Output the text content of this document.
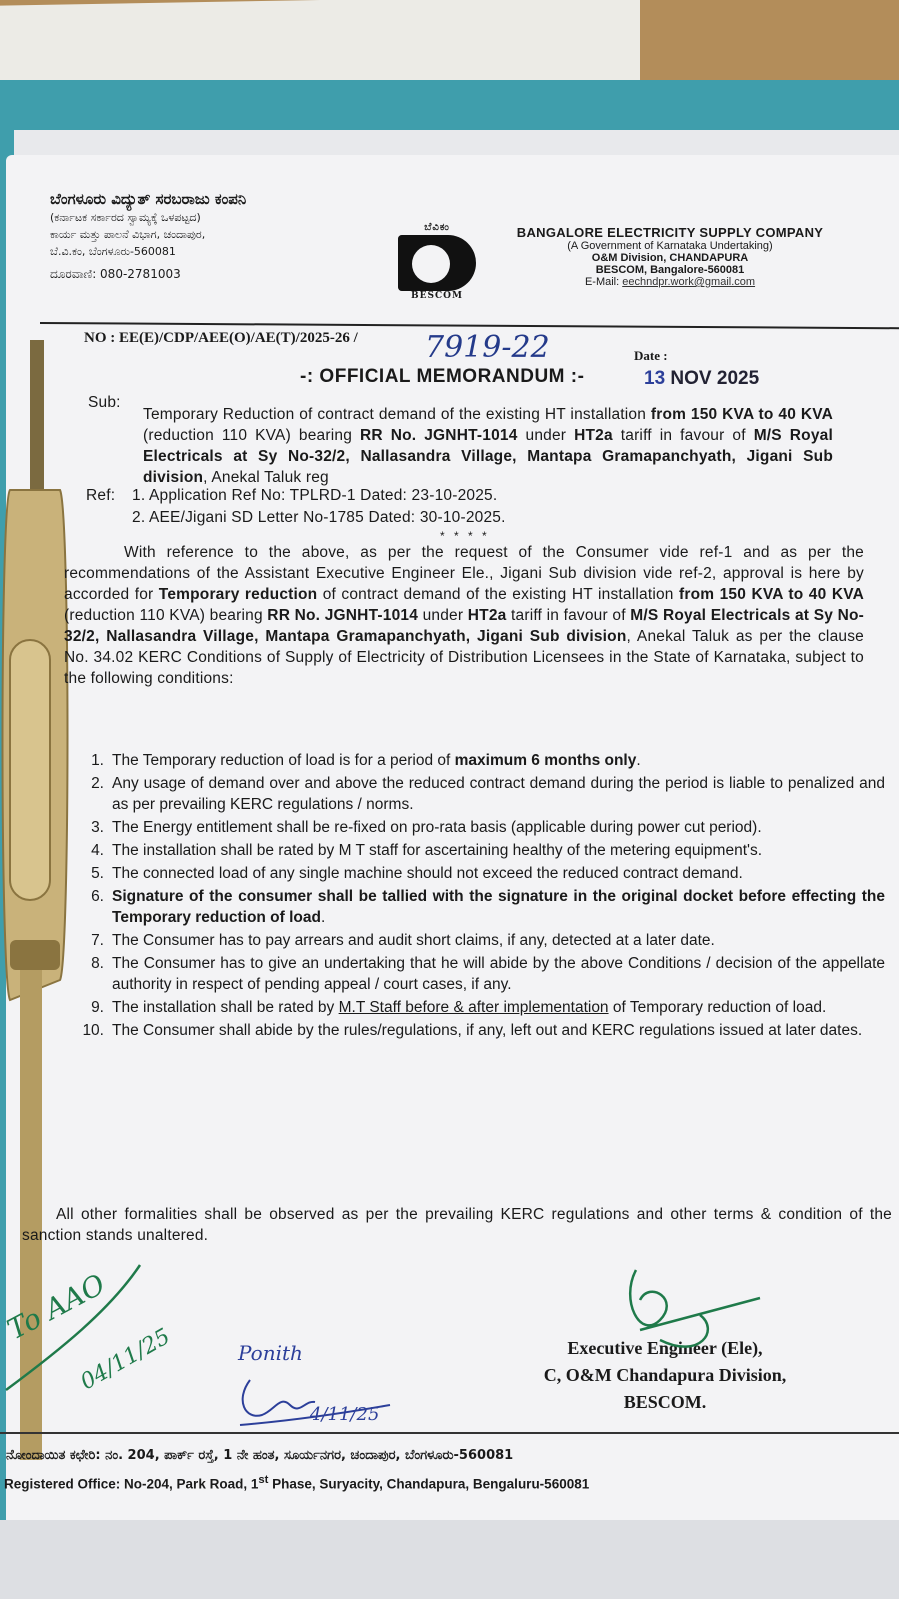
ಬೆಂಗಳೂರು ವಿದ್ಯುತ್ ಸರಬರಾಜು ಕಂಪನಿ
(ಕರ್ನಾಟಕ ಸರ್ಕಾರದ ಸ್ವಾಮ್ಯಕ್ಕೆ ಒಳಪಟ್ಟದ)
ಕಾರ್ಯ ಮತ್ತು ಪಾಲನೆ ವಿಭಾಗ, ಚಂದಾಪುರ,
ಬೆ.ವಿ.ಕಂ, ಬೆಂಗಳೂರು-560081
ದೂರವಾಣಿ: 080-2781003
ಬೆವಿಕಂ
BESCOM
BANGALORE ELECTRICITY SUPPLY COMPANY
(A Government of Karnataka Undertaking)
O&M Division, CHANDAPURA
BESCOM, Bangalore-560081
E-Mail: eechndpr.work@gmail.com
NO : EE(E)/CDP/AEE(O)/AE(T)/2025-26 / 7919-22	Date :
-: OFFICIAL MEMORANDUM :-	13 NOV 2025
Sub:
Temporary Reduction of contract demand of the existing HT installation from 150 KVA to 40 KVA (reduction 110 KVA) bearing RR No. JGNHT-1014 under HT2a tariff in favour of M/S Royal Electricals at Sy No-32/2, Nallasandra Village, Mantapa Gramapanchyath, Jigani Sub division, Anekal Taluk reg
Ref: 1. Application Ref No: TPLRD-1 Dated: 23-10-2025.
2. AEE/Jigani SD Letter No-1785 Dated: 30-10-2025.
* * * *
With reference to the above, as per the request of the Consumer vide ref-1 and as per the recommendations of the Assistant Executive Engineer Ele., Jigani Sub division vide ref-2, approval is here by accorded for Temporary reduction of contract demand of the existing HT installation from 150 KVA to 40 KVA (reduction 110 KVA) bearing RR No. JGNHT-1014 under HT2a tariff in favour of M/S Royal Electricals at Sy No-32/2, Nallasandra Village, Mantapa Gramapanchyath, Jigani Sub division, Anekal Taluk as per the clause No. 34.02 KERC Conditions of Supply of Electricity of Distribution Licensees in the State of Karnataka, subject to the following conditions:
1. The Temporary reduction of load is for a period of maximum 6 months only.
2. Any usage of demand over and above the reduced contract demand during the period is liable to penalized and as per prevailing KERC regulations / norms.
3. The Energy entitlement shall be re-fixed on pro-rata basis (applicable during power cut period).
4. The installation shall be rated by M T staff for ascertaining healthy of the metering equipment's.
5. The connected load of any single machine should not exceed the reduced contract demand.
6. Signature of the consumer shall be tallied with the signature in the original docket before effecting the Temporary reduction of load.
7. The Consumer has to pay arrears and audit short claims, if any, detected at a later date.
8. The Consumer has to give an undertaking that he will abide by the above Conditions / decision of the appellate authority in respect of pending appeal / court cases, if any.
9. The installation shall be rated by M.T Staff before & after implementation of Temporary reduction of load.
10. The Consumer shall abide by the rules/regulations, if any, left out and KERC regulations issued at later dates.
All other formalities shall be observed as per the prevailing KERC regulations and other terms & condition of the sanction stands unaltered.
Executive Engineer (Ele),
C, O&M Chandapura Division,
BESCOM.
To AAO
04/11/25	Ponith
4/11/25
ನೋಂದಾಯಿತ ಕಛೇರಿ: ನಂ. 204, ಪಾರ್ಕ್ ರಸ್ತೆ, 1 ನೇ ಹಂತ, ಸೂರ್ಯನಗರ, ಚಂದಾಪುರ, ಬೆಂಗಳೂರು-560081
Registered Office: No-204, Park Road, 1st Phase, Suryacity, Chandapura, Bengaluru-560081
